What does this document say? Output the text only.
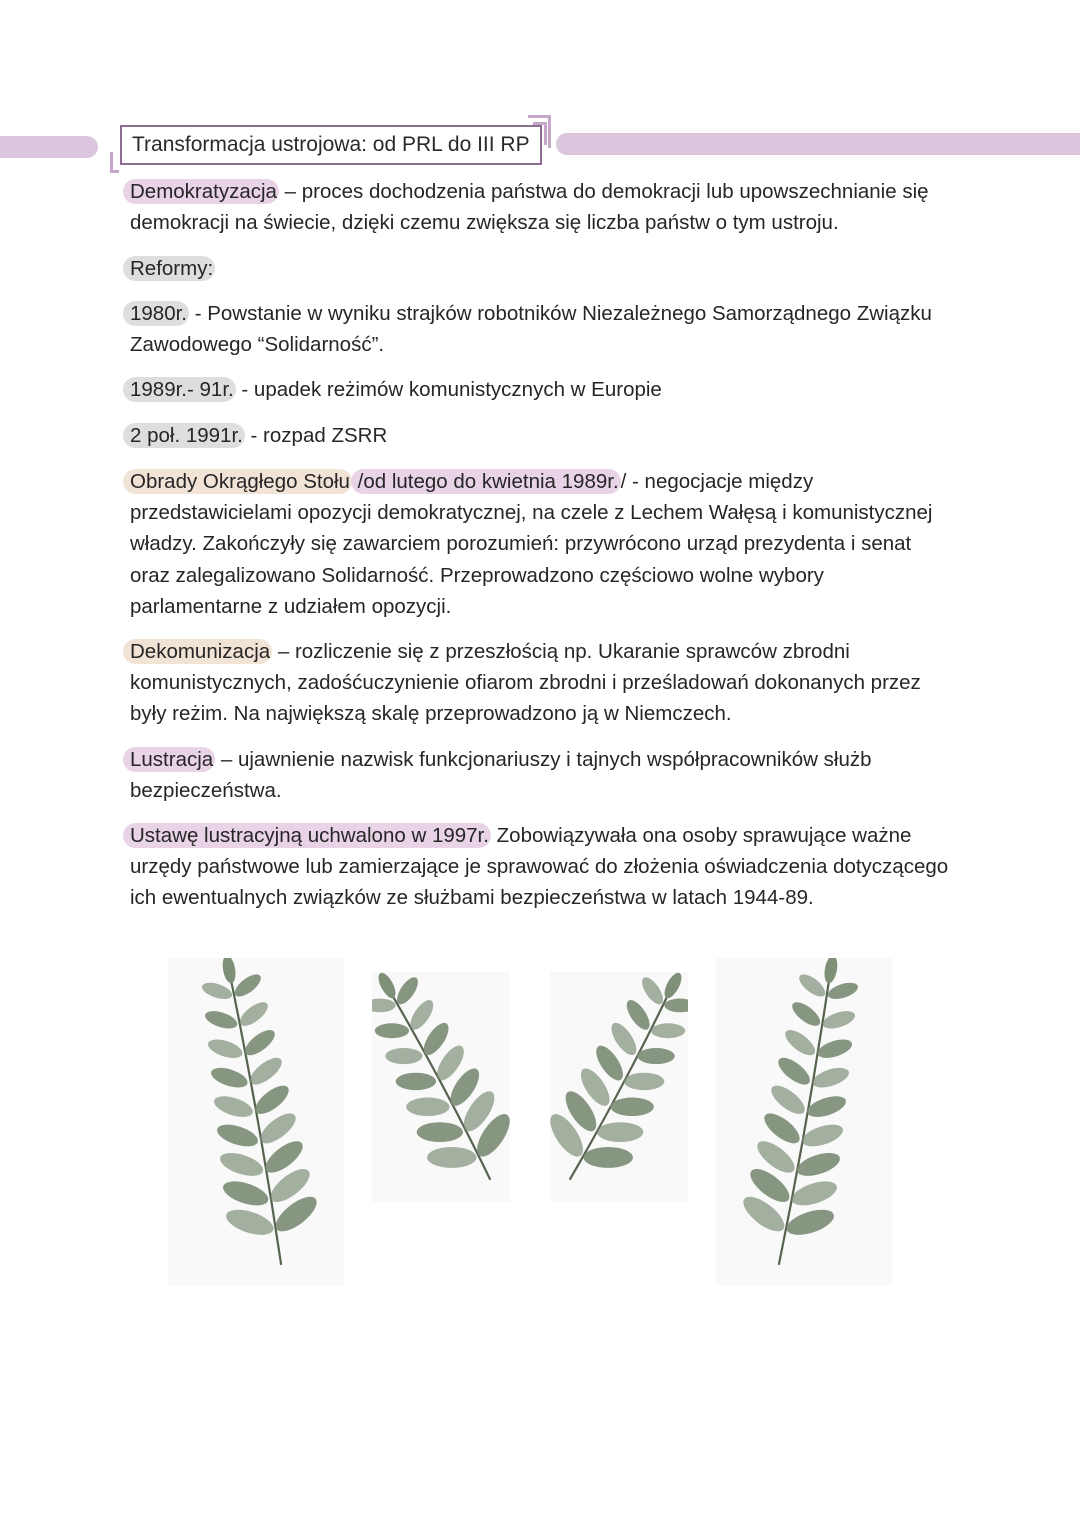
Transformacja ustrojowa: od PRL do III RP

Demokratyzacja – proces dochodzenia państwa do demokracji lub upowszechnianie się demokracji na świecie, dzięki czemu zwiększa się liczba państw o tym ustroju.

Reformy:

1980r. - Powstanie w wyniku strajków robotników Niezależnego Samorządnego Związku Zawodowego “Solidarność”.

1989r.- 91r. - upadek reżimów komunistycznych w Europie

2 poł. 1991r. - rozpad ZSRR

Obrady Okrągłego Stołu /od lutego do kwietnia 1989r./ - negocjacje między przedstawicielami opozycji demokratycznej, na czele z Lechem Wałęsą i komunistycznej władzy. Zakończyły się zawarciem porozumień: przywrócono urząd prezydenta i senat oraz zalegalizowano Solidarność. Przeprowadzono częściowo wolne wybory parlamentarne z udziałem opozycji.

Dekomunizacja – rozliczenie się z przeszłością np. Ukaranie sprawców zbrodni komunistycznych, zadośćuczynienie ofiarom zbrodni i prześladowań dokonanych przez były reżim. Na największą skalę przeprowadzono ją w Niemczech.

Lustracja – ujawnienie nazwisk funkcjonariuszy i tajnych współpracowników służb bezpieczeństwa.

Ustawę lustracyjną uchwalono w 1997r. Zobowiązywała ona osoby sprawujące ważne urzędy państwowe lub zamierzające je sprawować do złożenia oświadczenia dotyczącego ich ewentualnych związków ze służbami bezpieczeństwa w latach 1944-89.
